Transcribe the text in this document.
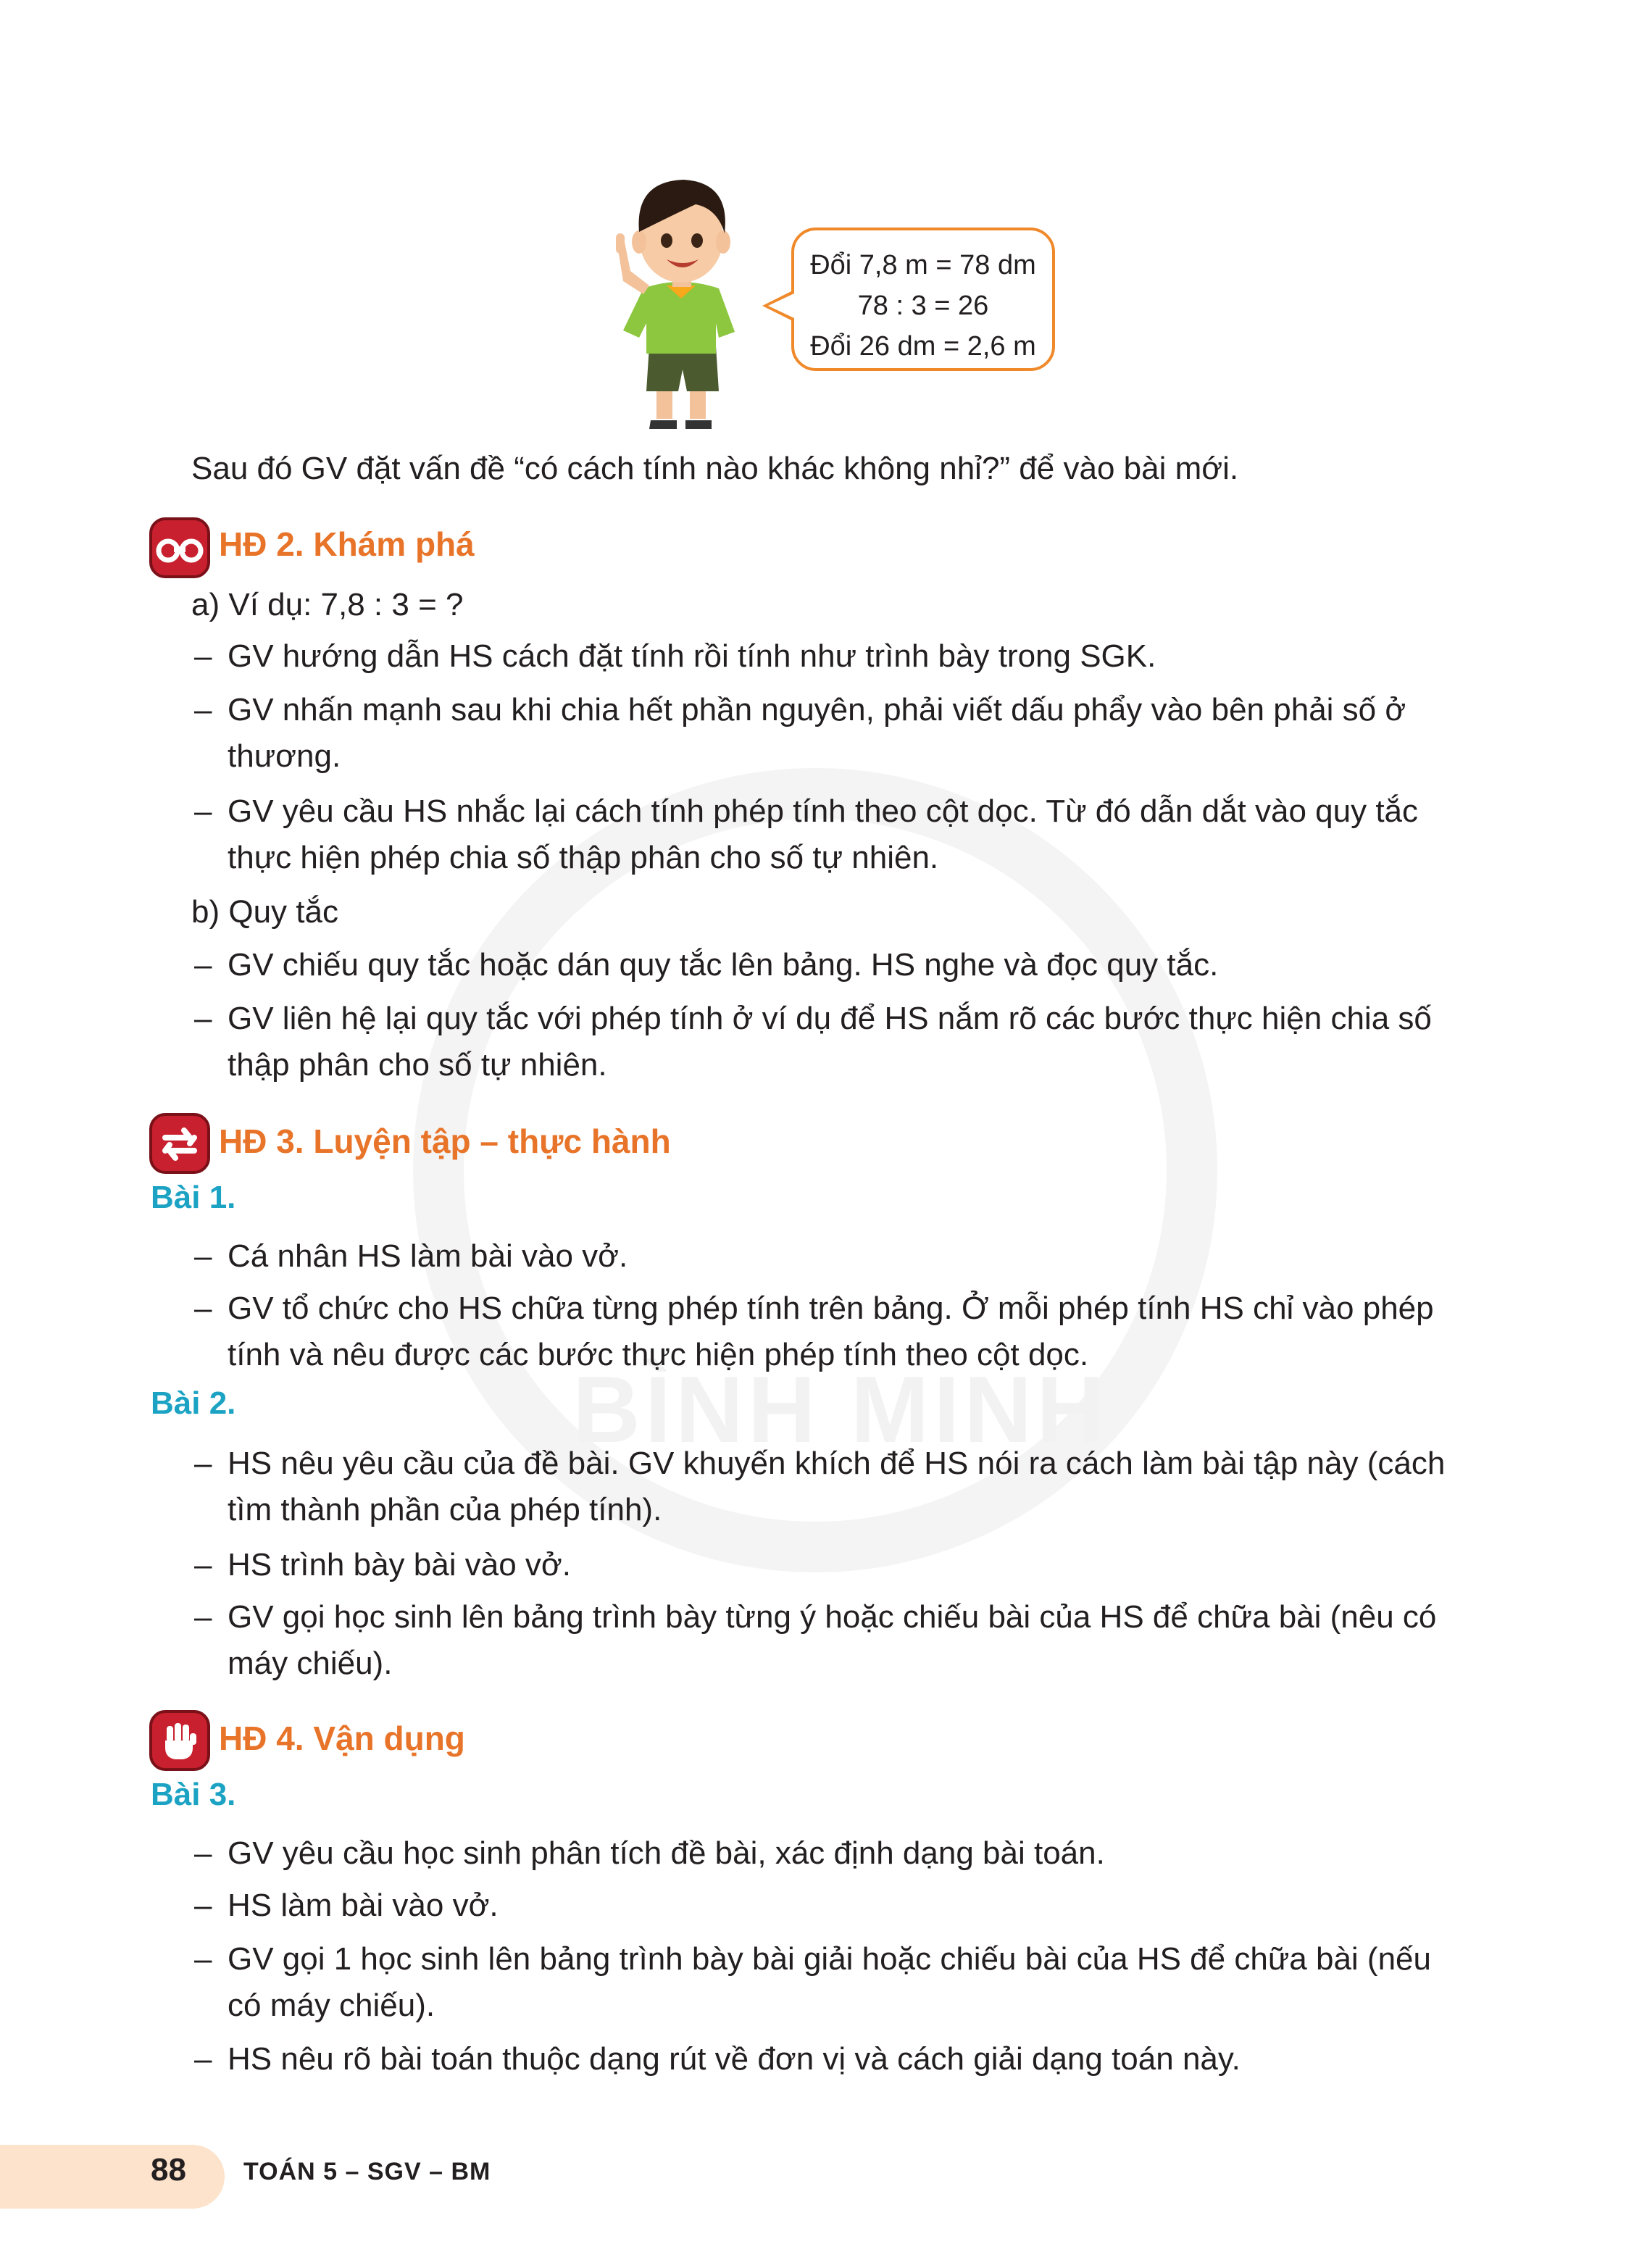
BÌNH MINH
Đổi 7,8 m = 78 dm
78 : 3 = 26
Đổi 26 dm = 2,6 m
Sau đó GV đặt vấn đề “có cách tính nào khác không nhỉ?” để vào bài mới.
HĐ 2. Khám phá
a) Ví dụ: 7,8 : 3 = ?
– GV hướng dẫn HS cách đặt tính rồi tính như trình bày trong SGK.
– GV nhấn mạnh sau khi chia hết phần nguyên, phải viết dấu phẩy vào bên phải số ở
thương.
– GV yêu cầu HS nhắc lại cách tính phép tính theo cột dọc. Từ đó dẫn dắt vào quy tắc
thực hiện phép chia số thập phân cho số tự nhiên.
b) Quy tắc
– GV chiếu quy tắc hoặc dán quy tắc lên bảng. HS nghe và đọc quy tắc.
– GV liên hệ lại quy tắc với phép tính ở ví dụ để HS nắm rõ các bước thực hiện chia số
thập phân cho số tự nhiên.
HĐ 3. Luyện tập – thực hành
Bài 1.
– Cá nhân HS làm bài vào vở.
– GV tổ chức cho HS chữa từng phép tính trên bảng. Ở mỗi phép tính HS chỉ vào phép
tính và nêu được các bước thực hiện phép tính theo cột dọc.
Bài 2.
– HS nêu yêu cầu của đề bài. GV khuyến khích để HS nói ra cách làm bài tập này (cách
tìm thành phần của phép tính).
– HS trình bày bài vào vở.
– GV gọi học sinh lên bảng trình bày từng ý hoặc chiếu bài của HS để chữa bài (nêu có
máy chiếu).
HĐ 4. Vận dụng
Bài 3.
– GV yêu cầu học sinh phân tích đề bài, xác định dạng bài toán.
– HS làm bài vào vở.
– GV gọi 1 học sinh lên bảng trình bày bài giải hoặc chiếu bài của HS để chữa bài (nếu
có máy chiếu).
– HS nêu rõ bài toán thuộc dạng rút về đơn vị và cách giải dạng toán này.
88 TOÁN 5 – SGV – BM
